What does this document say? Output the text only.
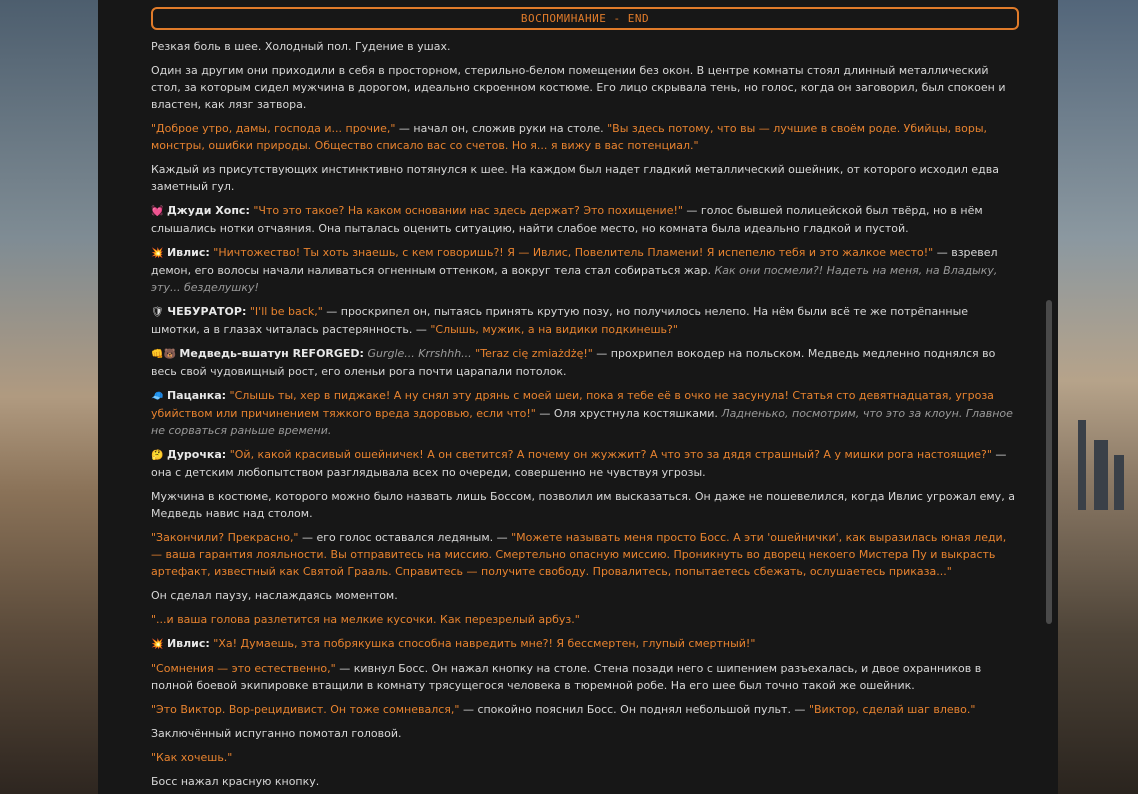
ВОСПОМИНАНИЕ - END

Резкая боль в шее. Холодный пол. Гудение в ушах.

Один за другим они приходили в себя в просторном, стерильно-белом помещении без окон. В центре комнаты стоял длинный металлический стол, за которым сидел мужчина в дорогом, идеально скроенном костюме. Его лицо скрывала тень, но голос, когда он заговорил, был спокоен и властен, как лязг затвора.

"Доброе утро, дамы, господа и... прочие," — начал он, сложив руки на столе. "Вы здесь потому, что вы — лучшие в своём роде. Убийцы, воры, монстры, ошибки природы. Общество списало вас со счетов. Но я... я вижу в вас потенциал."

Каждый из присутствующих инстинктивно потянулся к шее. На каждом был надет гладкий металлический ошейник, от которого исходил едва заметный гул.

💓 Джуди Хопс: "Что это такое? На каком основании нас здесь держат? Это похищение!" — голос бывшей полицейской был твёрд, но в нём слышались нотки отчаяния. Она пыталась оценить ситуацию, найти слабое место, но комната была идеально гладкой и пустой.

💥 Ивлис: "Ничтожество! Ты хоть знаешь, с кем говоришь?! Я — Ивлис, Повелитель Пламени! Я испепелю тебя и это жалкое место!" — взревел демон, его волосы начали наливаться огненным оттенком, а вокруг тела стал собираться жар. Как они посмели?! Надеть на меня, на Владыку, эту... безделушку!

🛡 ЧЕБУРАТОР: "I'll be back," — проскрипел он, пытаясь принять крутую позу, но получилось нелепо. На нём были всё те же потрёпанные шмотки, а в глазах читалась растерянность. — "Слышь, мужик, а на видики подкинешь?"

👊🐻 Медведь-вшатун REFORGED: Gurgle... Krrshhh... "Teraz cię zmiażdżę!" — прохрипел вокодер на польском. Медведь медленно поднялся во весь свой чудовищный рост, его оленьи рога почти царапали потолок.

🧢 Пацанка: "Слышь ты, хер в пиджаке! А ну снял эту дрянь с моей шеи, пока я тебе её в очко не засунула! Статья сто девятнадцатая, угроза убийством или причинением тяжкого вреда здоровью, если что!" — Оля хрустнула костяшками. Ладненько, посмотрим, что это за клоун. Главное не сорваться раньше времени.

🤔 Дурочка: "Ой, какой красивый ошейничек! А он светится? А почему он жужжит? А что это за дядя страшный? А у мишки рога настоящие?" — она с детским любопытством разглядывала всех по очереди, совершенно не чувствуя угрозы.

Мужчина в костюме, которого можно было назвать лишь Боссом, позволил им высказаться. Он даже не пошевелился, когда Ивлис угрожал ему, а Медведь навис над столом.

"Закончили? Прекрасно," — его голос оставался ледяным. — "Можете называть меня просто Босс. А эти 'ошейнички', как выразилась юная леди, — ваша гарантия лояльности. Вы отправитесь на миссию. Смертельно опасную миссию. Проникнуть во дворец некоего Мистера Пу и выкрасть артефакт, известный как Святой Грааль. Справитесь — получите свободу. Провалитесь, попытаетесь сбежать, ослушаетесь приказа..."

Он сделал паузу, наслаждаясь моментом.

"...и ваша голова разлетится на мелкие кусочки. Как перезрелый арбуз."

💥 Ивлис: "Ха! Думаешь, эта побрякушка способна навредить мне?! Я бессмертен, глупый смертный!"

"Сомнения — это естественно," — кивнул Босс. Он нажал кнопку на столе. Стена позади него с шипением разъехалась, и двое охранников в полной боевой экипировке втащили в комнату трясущегося человека в тюремной робе. На его шее был точно такой же ошейник.

"Это Виктор. Вор-рецидивист. Он тоже сомневался," — спокойно пояснил Босс. Он поднял небольшой пульт. — "Виктор, сделай шаг влево."

Заключённый испуганно помотал головой.

"Как хочешь."

Босс нажал красную кнопку.
